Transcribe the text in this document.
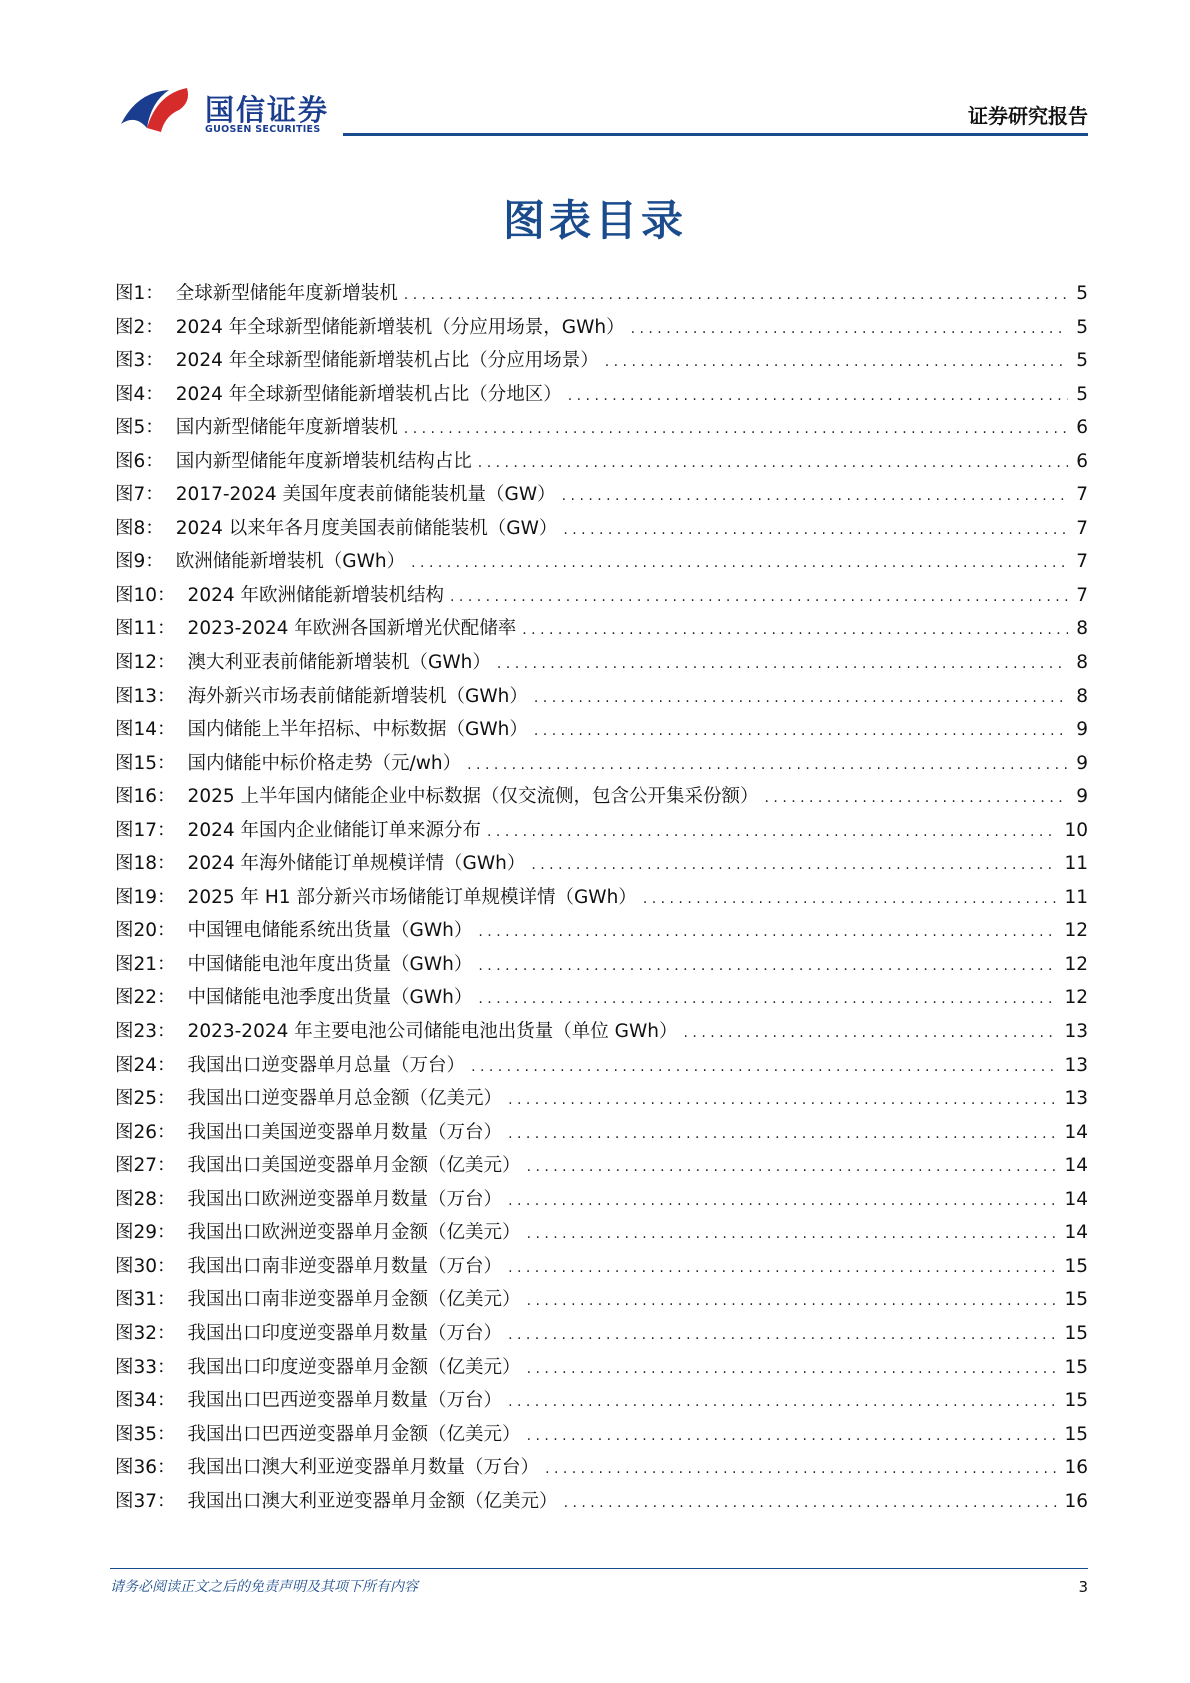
国信证券
GUOSEN SECURITIES
证券研究报告
图表目录
图1： 全球新型储能年度新增装机 . . .	5
图2： 2024 年全球新型储能新增装机（分应用场景，GWh） . . .	5
图3： 2024 年全球新型储能新增装机占比（分应用场景） . . .	5
图4： 2024 年全球新型储能新增装机占比（分地区） . . .	5
图5： 国内新型储能年度新增装机 . . .	6
图6： 国内新型储能年度新增装机结构占比 . . .	6
图7： 2017-2024 美国年度表前储能装机量（GW） . . .	7
图8： 2024 以来年各月度美国表前储能装机（GW） . . .	7
图9： 欧洲储能新增装机（GWh） . . .	7
图10： 2024 年欧洲储能新增装机结构 . . .	7
图11： 2023-2024 年欧洲各国新增光伏配储率 . . .	8
图12： 澳大利亚表前储能新增装机（GWh） . . .	8
图13： 海外新兴市场表前储能新增装机（GWh） . . .	8
图14： 国内储能上半年招标、中标数据（GWh） . . .	9
图15： 国内储能中标价格走势（元/wh） . . .	9
图16： 2025 上半年国内储能企业中标数据（仅交流侧，包含公开集采份额） . . .	9
图17： 2024 年国内企业储能订单来源分布 . . .	10
图18： 2024 年海外储能订单规模详情（GWh） . . .	11
图19： 2025 年 H1 部分新兴市场储能订单规模详情（GWh） . . .	11
图20： 中国锂电储能系统出货量（GWh） . . .	12
图21： 中国储能电池年度出货量（GWh） . . .	12
图22： 中国储能电池季度出货量（GWh） . . .	12
图23： 2023-2024 年主要电池公司储能电池出货量（单位 GWh） . . .	13
图24： 我国出口逆变器单月总量（万台） . . .	13
图25： 我国出口逆变器单月总金额（亿美元） . . .	13
图26： 我国出口美国逆变器单月数量（万台） . . .	14
图27： 我国出口美国逆变器单月金额（亿美元） . . .	14
图28： 我国出口欧洲逆变器单月数量（万台） . . .	14
图29： 我国出口欧洲逆变器单月金额（亿美元） . . .	14
图30： 我国出口南非逆变器单月数量（万台） . . .	15
图31： 我国出口南非逆变器单月金额（亿美元） . . .	15
图32： 我国出口印度逆变器单月数量（万台） . . .	15
图33： 我国出口印度逆变器单月金额（亿美元） . . .	15
图34： 我国出口巴西逆变器单月数量（万台） . . .	15
图35： 我国出口巴西逆变器单月金额（亿美元） . . .	15
图36： 我国出口澳大利亚逆变器单月数量（万台） . . .	16
图37： 我国出口澳大利亚逆变器单月金额（亿美元） . . .	16
请务必阅读正文之后的免责声明及其项下所有内容	3
